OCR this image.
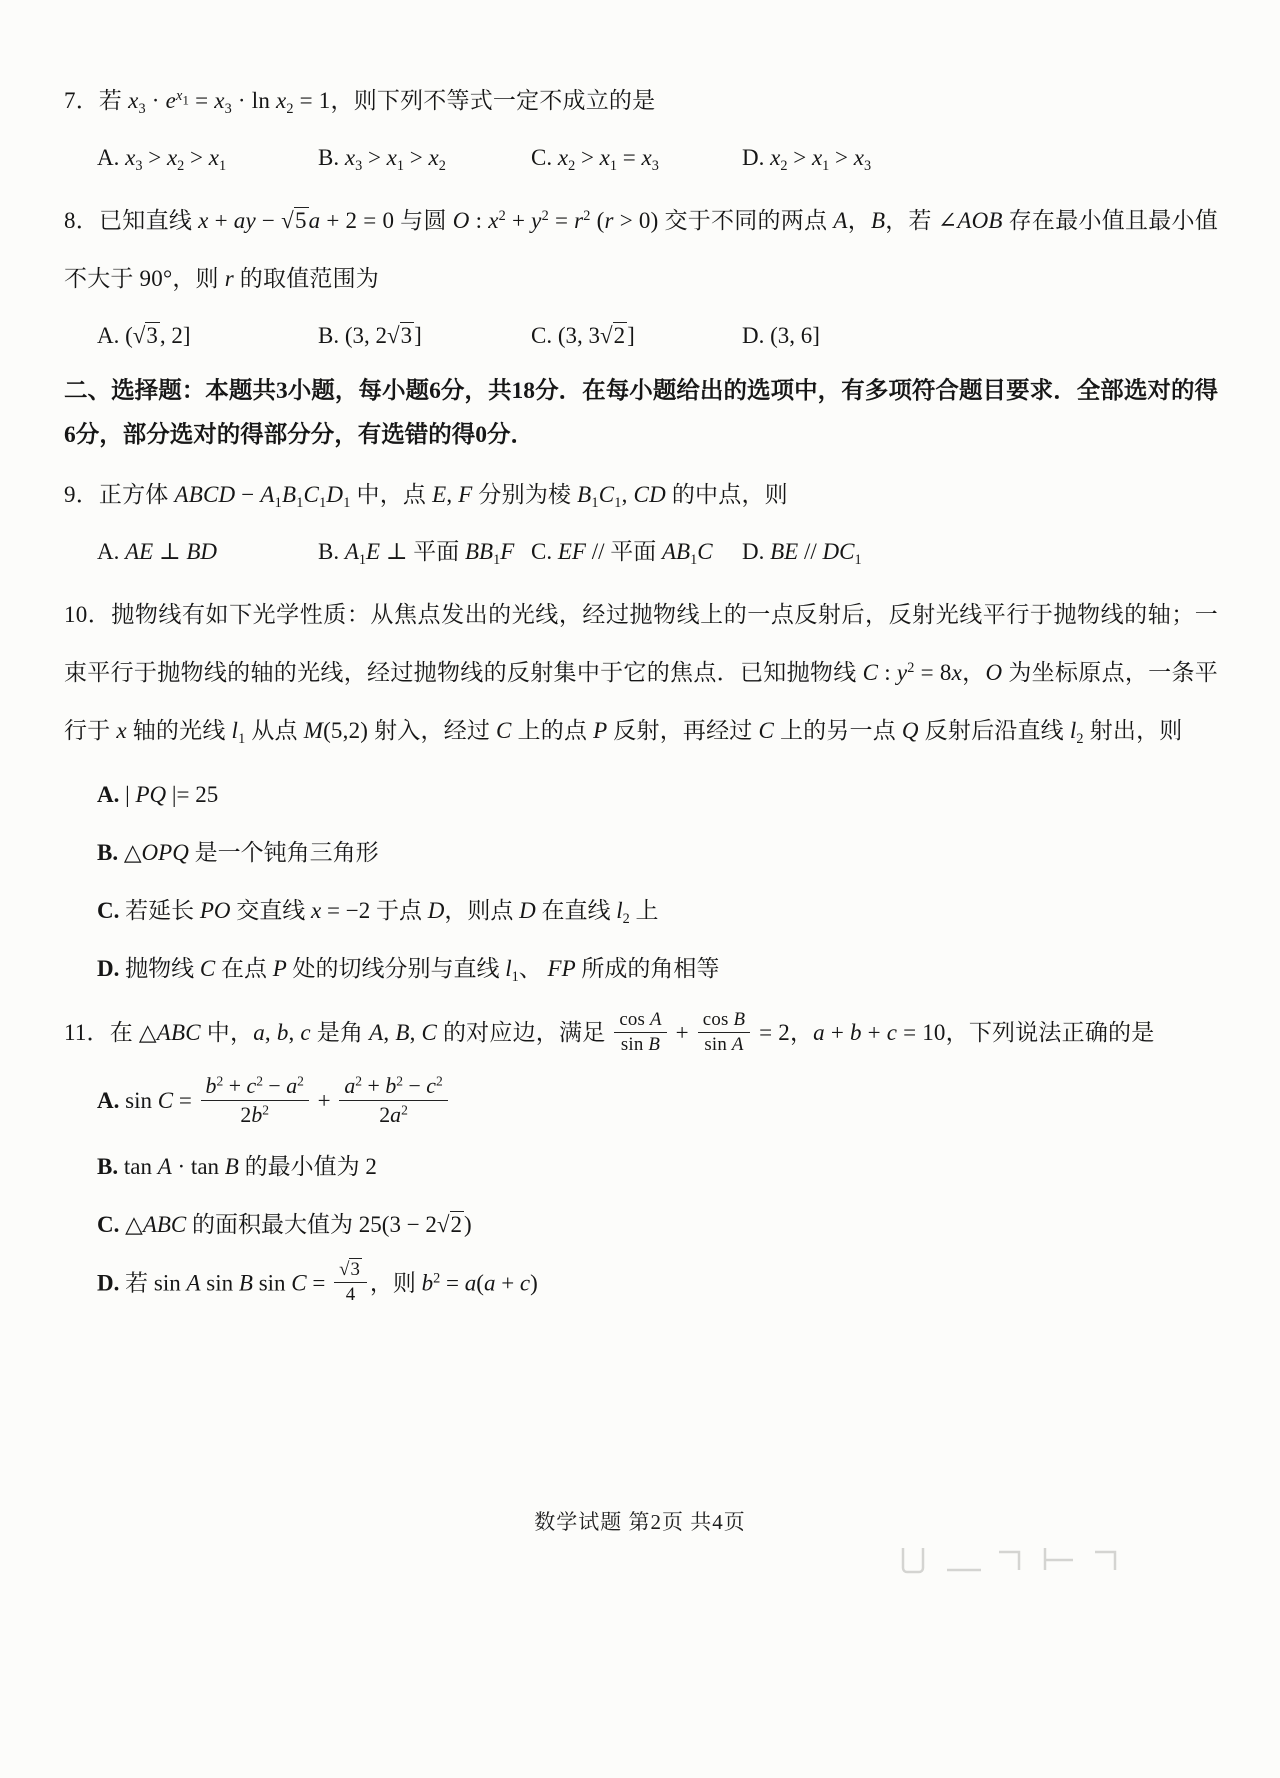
7．若 $x_3 \cdot e^{x_1} = x_3 \cdot \ln x_2 = 1$，则下列不等式一定不成立的是

A. $x_3 > x_2 > x_1$	B. $x_3 > x_1 > x_2$	C. $x_2 > x_1 = x_3$	D. $x_2 > x_1 > x_3$

8．已知直线 x + ay − √5a + 2 = 0 与圆 O : $x^2 + y^2 = r^2$ (r > 0) 交于不同的两点 A，B，若 ∠AOB 存在最小值且最小值不大于 90°，则 r 的取值范围为

A. (√3, 2]	B. (3, 2√3]	C. (3, 3√2]	D. (3, 6]

二、选择题：本题共3小题，每小题6分，共18分．在每小题给出的选项中，有多项符合题目要求．全部选对的得6分，部分选对的得部分分，有选错的得0分．

9．正方体 ABCD − $A_1B_1C_1D_1$ 中，点 E, F 分别为棱 $B_1C_1$, CD 的中点，则

A. AE ⊥ BD	B. $A_1E$ ⊥ 平面 $BB_1F$ C. EF // 平面 $AB_1C$	D. BE // $DC_1$

10．抛物线有如下光学性质：从焦点发出的光线，经过抛物线上的一点反射后，反射光线平行于抛物线的轴；一束平行于抛物线的轴的光线，经过抛物线的反射集中于它的焦点．已知抛物线 C : $y^2 = 8x$，O 为坐标原点，一条平行于 x 轴的光线 $l_1$ 从点 M(5,2) 射入，经过 C 上的点 P 反射，再经过 C 上的另一点 Q 反射后沿直线 $l_2$ 射出，则

A. | PQ |= 25
B. △OPQ 是一个钝角三角形
C. 若延长 PO 交直线 x = −2 于点 D，则点 D 在直线 $l_2$ 上
D. 抛物线 C 在点 P 处的切线分别与直线 $l_1$、 FP 所成的角相等

11．在 △ABC 中，a, b, c 是角 A, B, C 的对应边，满足 $\frac{\text{cos A}}{\text{sin B}} + \frac{\text{cos B}}{\text{sin A}} = 2$，a + b + c = 10，下列说法正确的是

A. $\sin C = \frac{b^2 + c^2 - a^2}{2b^2} + \frac{a^2 + b^2 - c^2}{2a^2}$
B. tan A · tan B 的最小值为 2
C. △ABC 的面积最大值为 25(3 − 2√2)
D. 若 sin A sin B $\sin C = \frac{√3}{4}$ ，则 $b^2 = a(a + c)$
数学试题 第2页 共4页
